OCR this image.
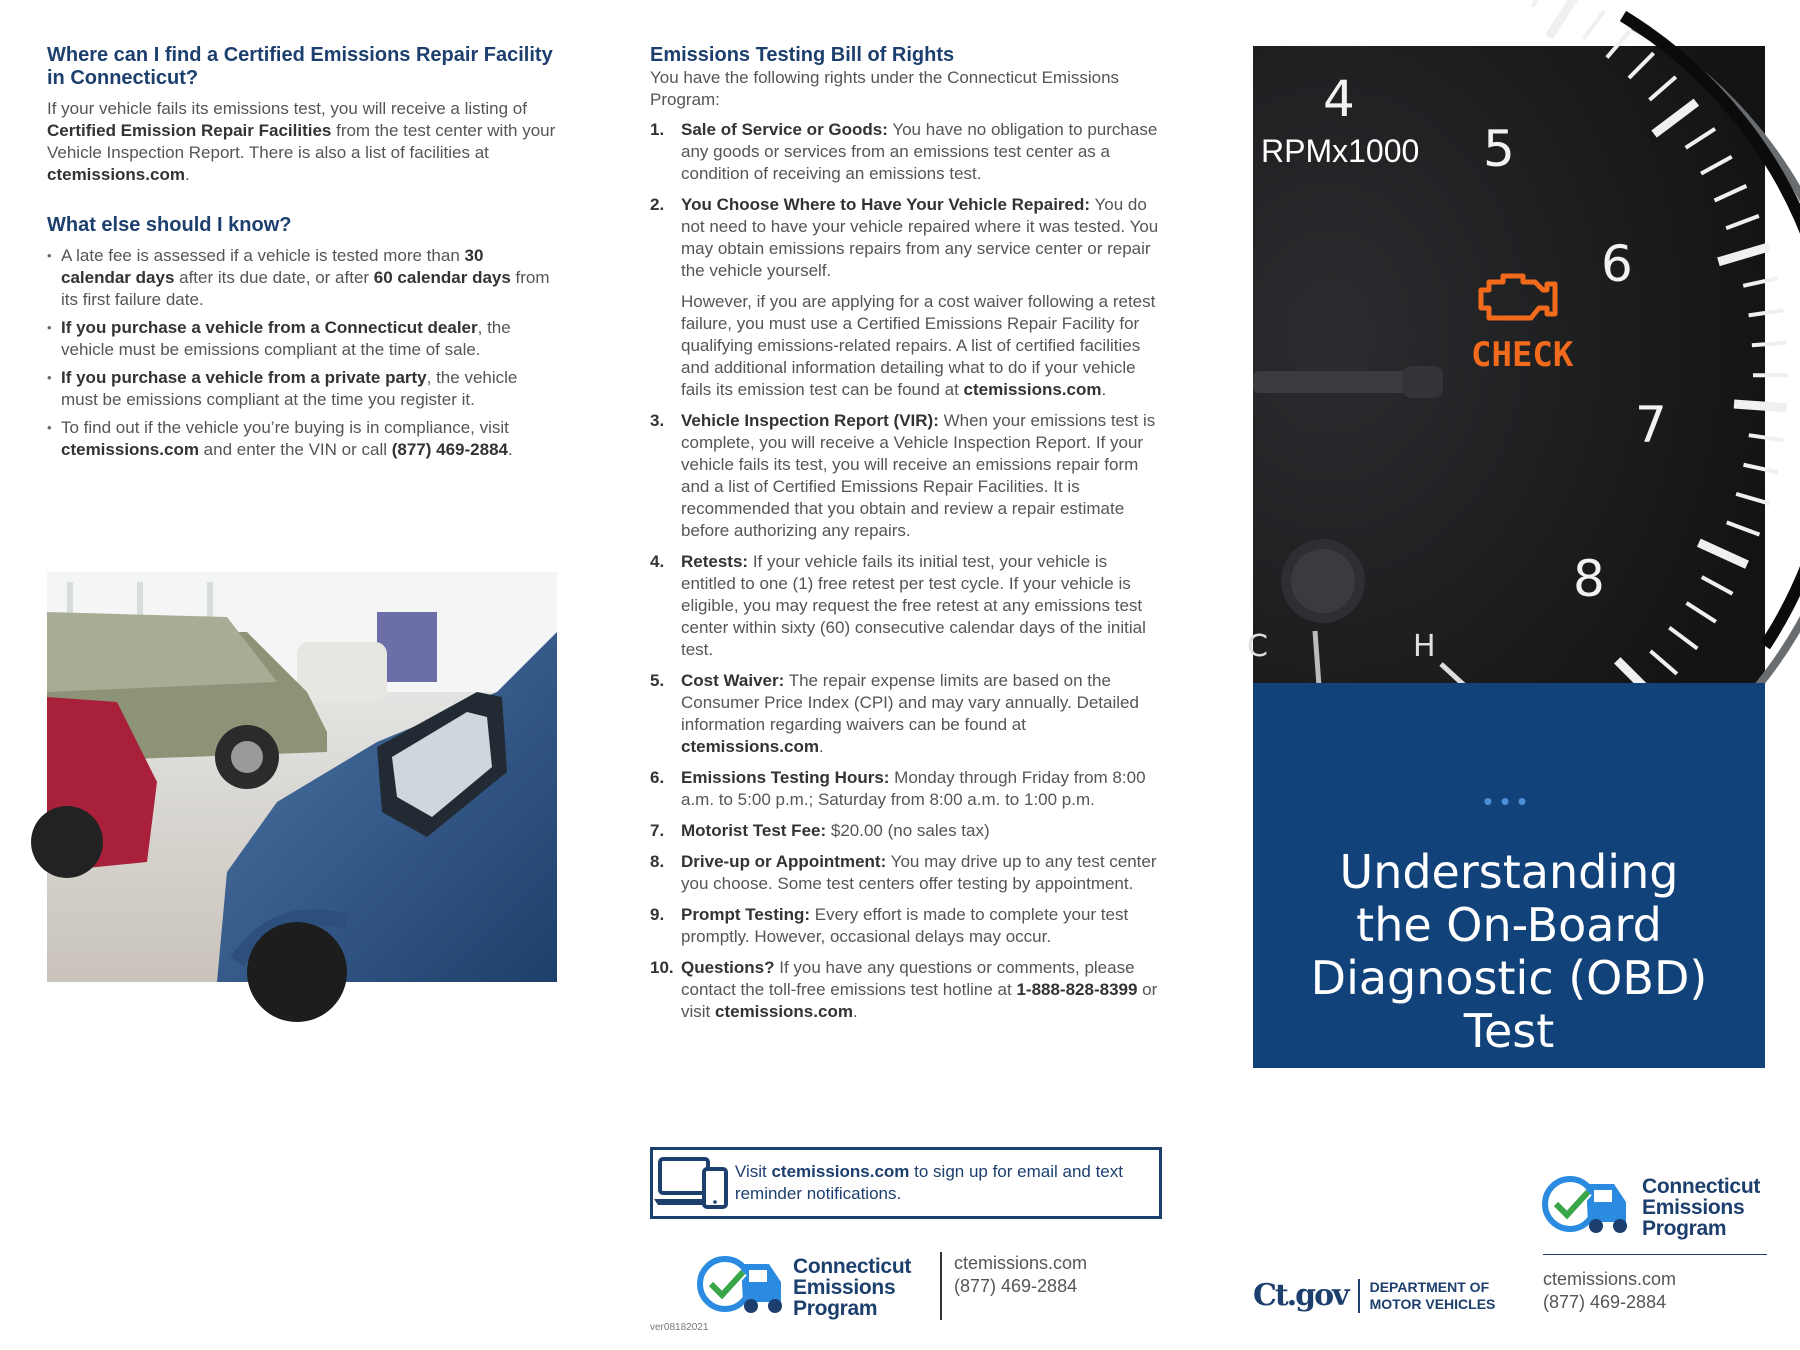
Where can I find a Certified Emissions Repair Facility in Connecticut?

If your vehicle fails its emissions test, you will receive a listing of Certified Emission Repair Facilities from the test center with your Vehicle Inspection Report. There is also a list of facilities at ctemissions.com.

What else should I know?
• A late fee is assessed if a vehicle is tested more than 30 calendar days after its due date, or after 60 calendar days from its first failure date.
• If you purchase a vehicle from a Connecticut dealer, the vehicle must be emissions compliant at the time of sale.
• If you purchase a vehicle from a private party, the vehicle must be emissions compliant at the time you register it.
• To find out if the vehicle you’re buying is in compliance, visit ctemissions.com and enter the VIN or call (877) 469-2884.
Emissions Testing Bill of Rights

You have the following rights under the Connecticut Emissions Program:

1. Sale of Service or Goods: You have no obligation to purchase any goods or services from an emissions test center as a condition of receiving an emissions test.
2. You Choose Where to Have Your Vehicle Repaired: You do not need to have your vehicle repaired where it was tested. You may obtain emissions repairs from any service center or repair the vehicle yourself.
However, if you are applying for a cost waiver following a retest failure, you must use a Certified Emissions Repair Facility for qualifying emissions-related repairs. A list of certified facilities and additional information detailing what to do if your vehicle fails its emission test can be found at ctemissions.com.
3. Vehicle Inspection Report (VIR): When your emissions test is complete, you will receive a Vehicle Inspection Report. If your vehicle fails its test, you will receive an emissions repair form and a list of Certified Emissions Repair Facilities. It is recommended that you obtain and review a repair estimate before authorizing any repairs.
4. Retests: If your vehicle fails its initial test, your vehicle is entitled to one (1) free retest per test cycle. If your vehicle is eligible, you may request the free retest at any emissions test center within sixty (60) consecutive calendar days of the initial test.
5. Cost Waiver: The repair expense limits are based on the Consumer Price Index (CPI) and may vary annually. Detailed information regarding waivers can be found at ctemissions.com.
6. Emissions Testing Hours: Monday through Friday from 8:00 a.m. to 5:00 p.m.; Saturday from 8:00 a.m. to 1:00 p.m.
7. Motorist Test Fee: $20.00 (no sales tax)
8. Drive-up or Appointment: You may drive up to any test center you choose. Some test centers offer testing by appointment.
9. Prompt Testing: Every effort is made to complete your test promptly. However, occasional delays may occur.
10. Questions? If you have any questions or comments, please contact the toll-free emissions test hotline at 1-888-828-8399 or visit ctemissions.com.
Visit ctemissions.com to sign up for email and text reminder notifications.
Connecticut
Emissions
Program
ctemissions.com
(877) 469-2884
ver08182021
RPMx1000
4
5
6
7
8
H
C
CHECK
•••
Understanding
the On-Board
Diagnostic (OBD)
Test
Connecticut
Emissions
Program
ctemissions.com
(877) 469-2884
Ct.gov DEPARTMENT OF
MOTOR VEHICLES
